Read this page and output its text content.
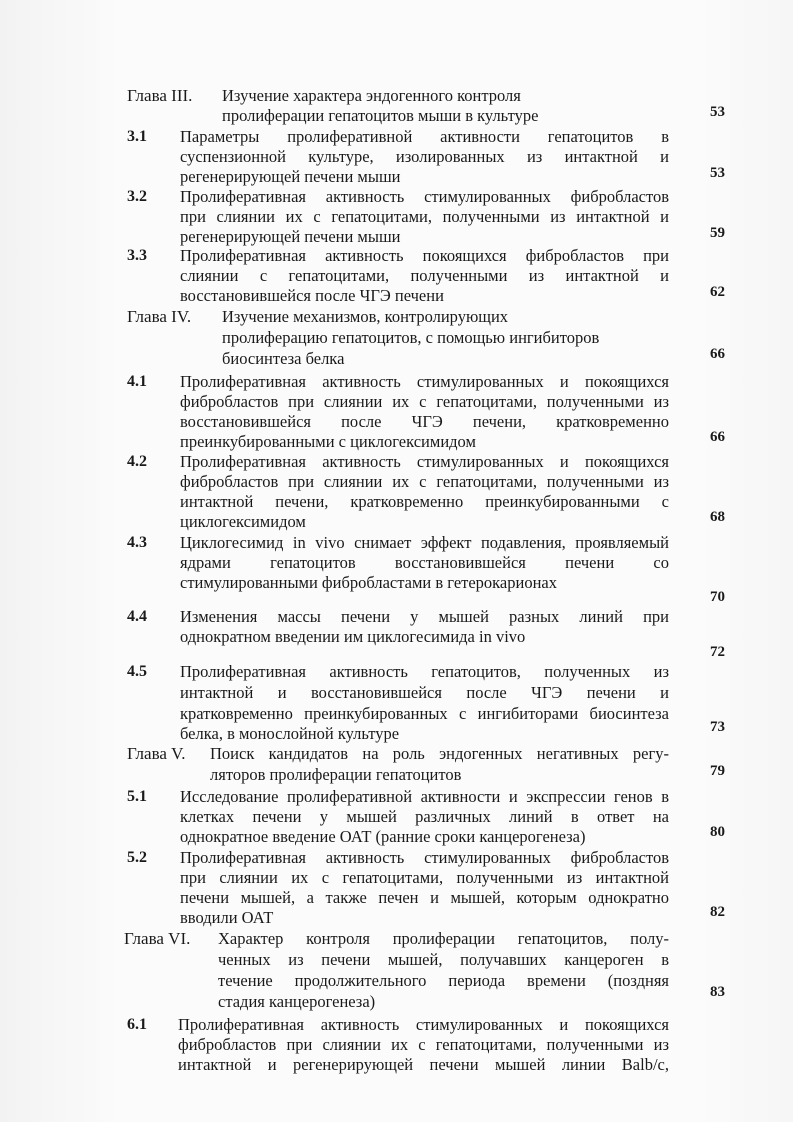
Глава III. Изучение характера эндогенного контроля
пролиферации гепатоцитов мыши в культуре	53
3.1 Параметры пролиферативной активности гепатоцитов в
суспензионной культуре, изолированных из интактной и
регенерирующей печени мыши	53
3.2 Пролиферативная активность стимулированных фибробластов
при слиянии их с гепатоцитами, полученными из интактной и
регенерирующей печени мыши	59
3.3 Пролиферативная активность покоящихся фибробластов при
слиянии с гепатоцитами, полученными из интактной и
восстановившейся после ЧГЭ печени	62
Глава IV. Изучение механизмов, контролирующих
пролиферацию гепатоцитов, с помощью ингибиторов
биосинтеза белка	66
4.1 Пролиферативная активность стимулированных и покоящихся
фибробластов при слиянии их с гепатоцитами, полученными из
восстановившейся после ЧГЭ печени, кратковременно
преинкубированными с циклогексимидом	66
4.2 Пролиферативная активность стимулированных и покоящихся
фибробластов при слиянии их с гепатоцитами, полученными из
интактной печени, кратковременно преинкубированными с
циклогексимидом	68
4.3 Циклогесимид in vivo снимает эффект подавления, проявляемый
ядрами гепатоцитов восстановившейся печени со
стимулированными фибробластами в гетерокарионах
70
4.4 Изменения массы печени у мышей разных линий при
однократном введении им циклогесимида in vivo
72
4.5 Пролиферативная активность гепатоцитов, полученных из
интактной и восстановившейся после ЧГЭ печени и
кратковременно преинкубированных с ингибиторами биосинтеза
белка, в монослойной культуре	73
Глава V. Поиск кандидатов на роль эндогенных негативных регу-
ляторов пролиферации гепатоцитов	79
5.1 Исследование пролиферативной активности и экспрессии генов в
клетках печени у мышей различных линий в ответ на
однократное введение ОАТ (ранние сроки канцерогенеза)	80
5.2 Пролиферативная активность стимулированных фибробластов
при слиянии их с гепатоцитами, полученными из интактной
печени мышей, а также печен и мышей, которым однократно
вводили ОАТ	82
Глава VI. Характер контроля пролиферации гепатоцитов, полу-
ченных из печени мышей, получавших канцероген в
течение продолжительного периода времени (поздняя
стадия канцерогенеза)	83
6.1 Пролиферативная активность стимулированных и покоящихся
фибробластов при слиянии их с гепатоцитами, полученными из
интактной и регенерирующей печени мышей линии Balb/c,
